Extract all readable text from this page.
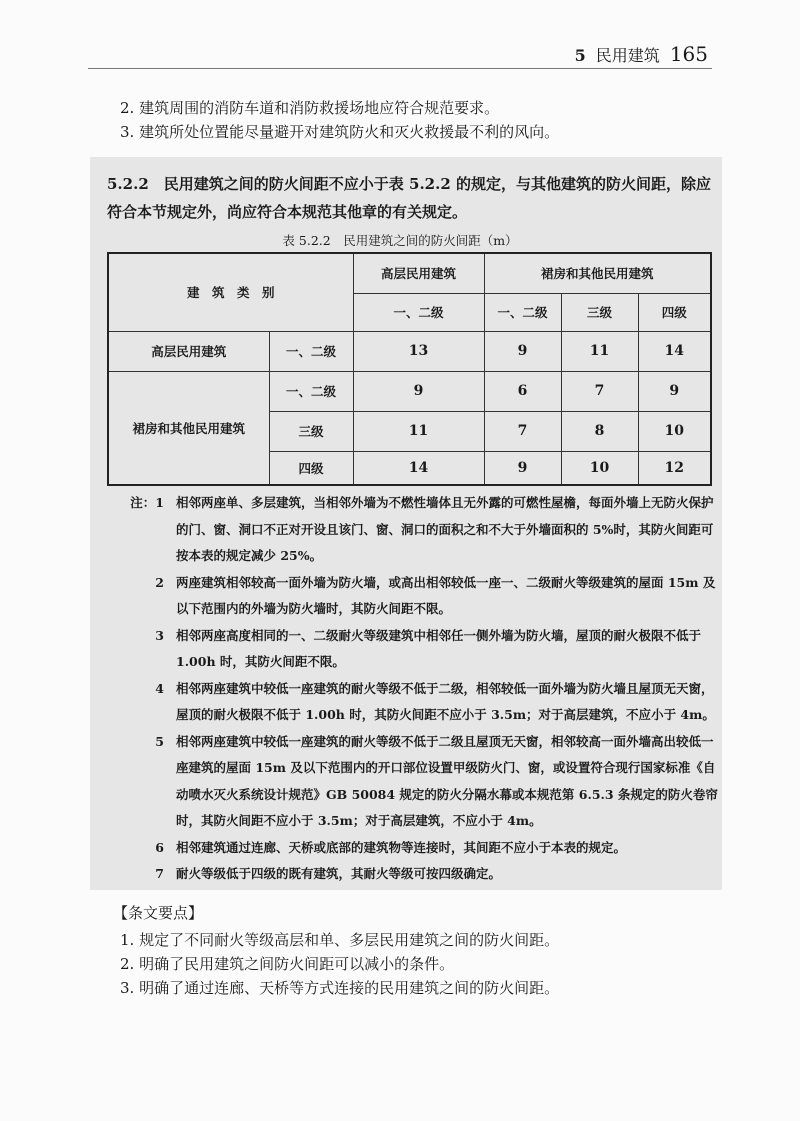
5 民用建筑 165
2. 建筑周围的消防车道和消防救援场地应符合规范要求。
3. 建筑所处位置能尽量避开对建筑防火和灭火救援最不利的风向。
5.2.2　 民用建筑之间的防火间距不应小于表 5.2.2 的规定，与其他建筑的防火间距，除应符合本节规定外，尚应符合本规范其他章的有关规定。
表 5.2.2　民用建筑之间的防火间距（m）
建　筑　类　别		高层民用建筑	裙房和其他民用建筑		
		一、二级	一、二级	三级	四级
高层民用建筑	一、二级	13	9	11	14
裙房和其他民用建筑	一、二级	9	6	7	9
	三级	11	7	8	10
	四级	14	9	10	12
注：1 相邻两座单、多层建筑，当相邻外墙为不燃性墙体且无外露的可燃性屋檐，每面外墙上无防火保护的门、窗、洞口不正对开设且该门、窗、洞口的面积之和不大于外墙面积的 5%时，其防火间距可按本表的规定减少 25%。
2 两座建筑相邻较高一面外墙为防火墙，或高出相邻较低一座一、二级耐火等级建筑的屋面 15m 及以下范围内的外墙为防火墙时，其防火间距不限。
3 相邻两座高度相同的一、二级耐火等级建筑中相邻任一侧外墙为防火墙，屋顶的耐火极限不低于 1.00h 时，其防火间距不限。
4 相邻两座建筑中较低一座建筑的耐火等级不低于二级，相邻较低一面外墙为防火墙且屋顶无天窗，屋顶的耐火极限不低于 1.00h 时，其防火间距不应小于 3.5m；对于高层建筑，不应小于 4m。
5 相邻两座建筑中较低一座建筑的耐火等级不低于二级且屋顶无天窗，相邻较高一面外墙高出较低一座建筑的屋面 15m 及以下范围内的开口部位设置甲级防火门、窗，或设置符合现行国家标准《自动喷水灭火系统设计规范》GB 50084 规定的防火分隔水幕或本规范第 6.5.3 条规定的防火卷帘时，其防火间距不应小于 3.5m；对于高层建筑，不应小于 4m。
6 相邻建筑通过连廊、天桥或底部的建筑物等连接时，其间距不应小于本表的规定。
7 耐火等级低于四级的既有建筑，其耐火等级可按四级确定。
【条文要点】
1. 规定了不同耐火等级高层和单、多层民用建筑之间的防火间距。
2. 明确了民用建筑之间防火间距可以减小的条件。
3. 明确了通过连廊、天桥等方式连接的民用建筑之间的防火间距。
